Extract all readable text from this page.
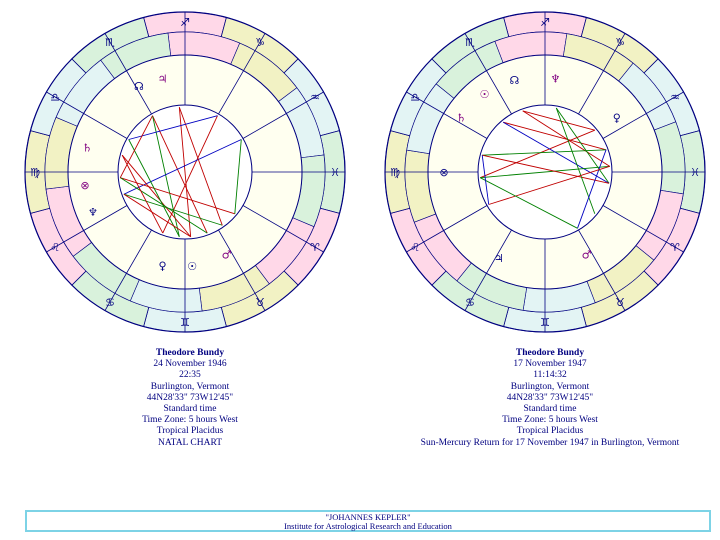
♐
♑
♒
♓
♈
♉
♊
♋
♌
♍
♎
♏
☊
♃
♆
⊗
☉
♂
♀
♄
♐
♑
♒
♓
♈
♉
♊
♋
♌
♍
♎
♏
☊	♆
⊗
☉
♀
♂
♃
♄
Theodore Bundy
24 November 1946
22:35
Burlington, Vermont
44N28'33" 73W12'45"
Standard time
Time Zone: 5 hours West
Tropical Placidus
NATAL CHART
Theodore Bundy
17 November 1947
11:14:32
Burlington, Vermont
44N28'33" 73W12'45"
Standard time
Time Zone: 5 hours West
Tropical Placidus
Sun-Mercury Return for 17 November 1947 in Burlington, Vermont
"JOHANNES KEPLER"
Institute for Astrological Research and Education
